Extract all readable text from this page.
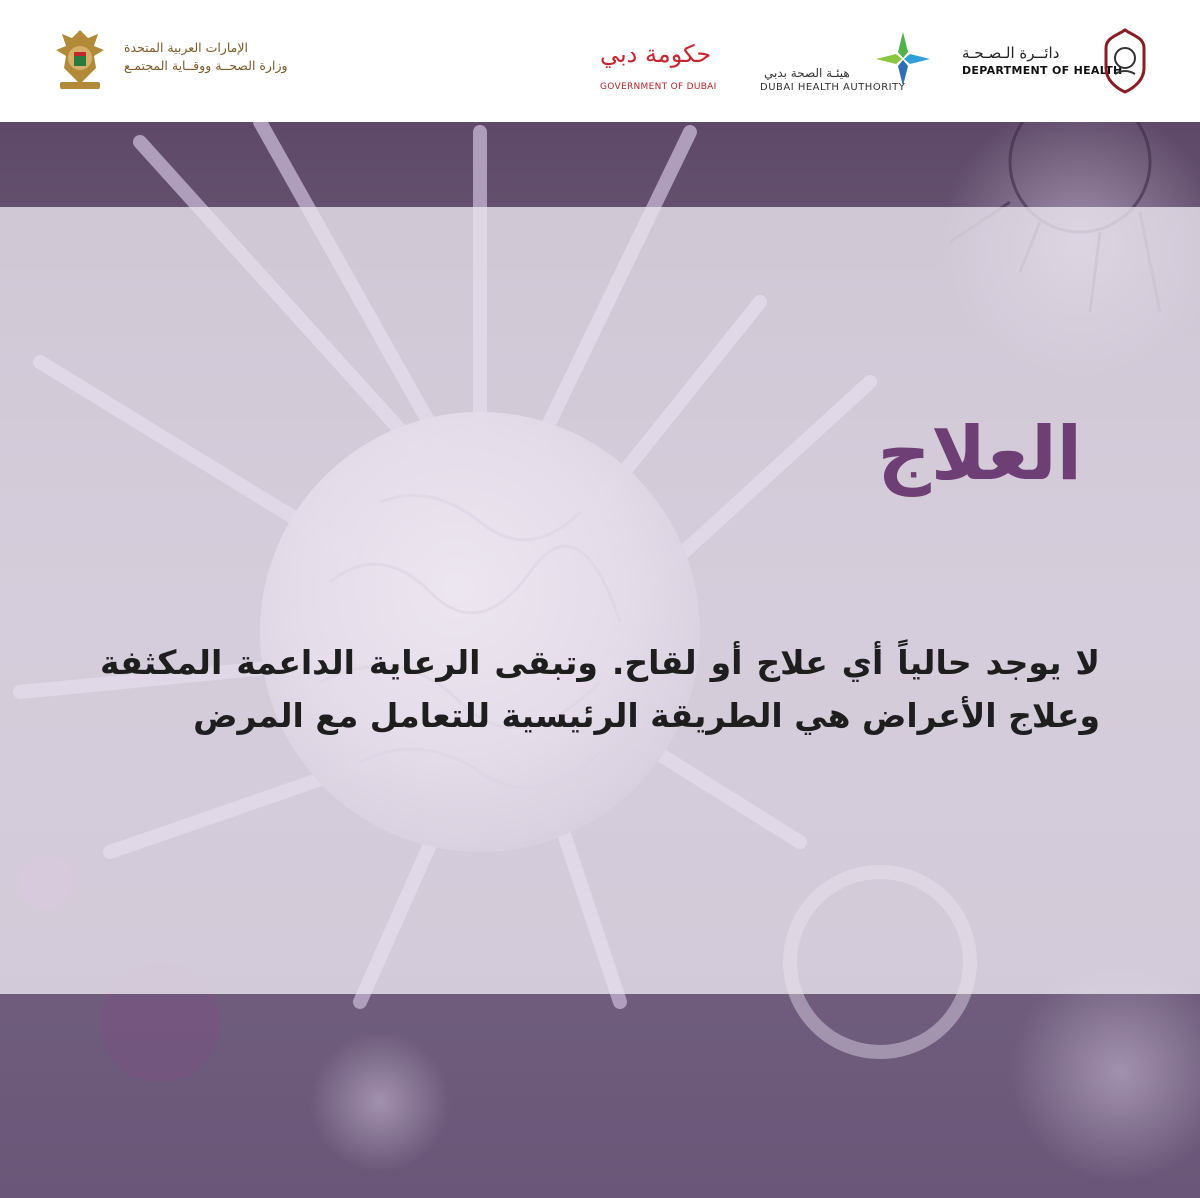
الإمارات العربية المتحدة
وزارة الصحــة ووقــاية المجتمـع	حكومة دبي
GOVERNMENT OF DUBAI
هيئـة الصحة بدبي
DUBAI HEALTH AUTHORITY
دائــرة الـصـحـة
DEPARTMENT OF HEALTH
العلاج
لا يوجد حالياً أي علاج أو لقاح. وتبقى الرعاية الداعمة المكثفة وعلاج الأعراض هي الطريقة الرئيسية للتعامل مع المرض
